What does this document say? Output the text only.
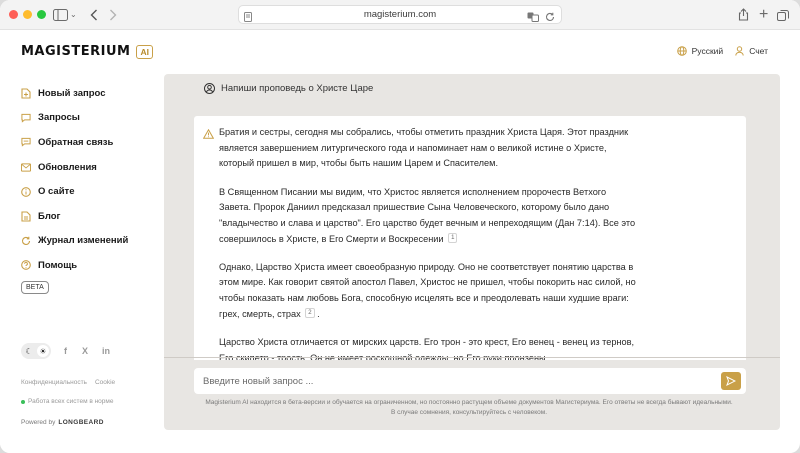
⌄	magisterium.com	+
MAGISTERIUM	AI
Новый запрос
Запросы
Обратная связь
Обновления
О сайте
Блог
Журнал изменений
Помощь
BETA
☾ ☀ f X in
Конфиденциальность Cookie
Работа всех систем в норме
Powered by LONGBEARD
Русский	Счет
Напиши проповедь о Христе Царе

Братия и сестры, сегодня мы собрались, чтобы отметить праздник Христа Царя. Этот праздник является завершением литургического года и напоминает нам о великой истине о Христе, который пришел в мир, чтобы быть нашим Царем и Спасителем.

В Священном Писании мы видим, что Христос является исполнением пророчеств Ветхого Завета. Пророк Даниил предсказал пришествие Сына Человеческого, которому было дано "владычество и слава и царство". Его царство будет вечным и непреходящим (Дан 7:14). Все это совершилось в Христе, в Его Смерти и Воскресении 1

Однако, Царство Христа имеет своеобразную природу. Оно не соответствует понятию царства в этом мире. Как говорит святой апостол Павел, Христос не пришел, чтобы покорить нас силой, но чтобы показать нам любовь Бога, способную исцелять все и преодолевать наши худшие враги: грех, смерть, страх 2 .

Царство Христа отличается от мирских царств. Его трон - это крест, Его венец - венец из тернов,

Введите новый запрос ...
Magisterium AI находится в бета-версии и обучается на ограниченном, но постоянно растущем объеме документов Магистериума. Его ответы не всегда бывают идеальными. В случае сомнения, консультируйтесь с человеком.
